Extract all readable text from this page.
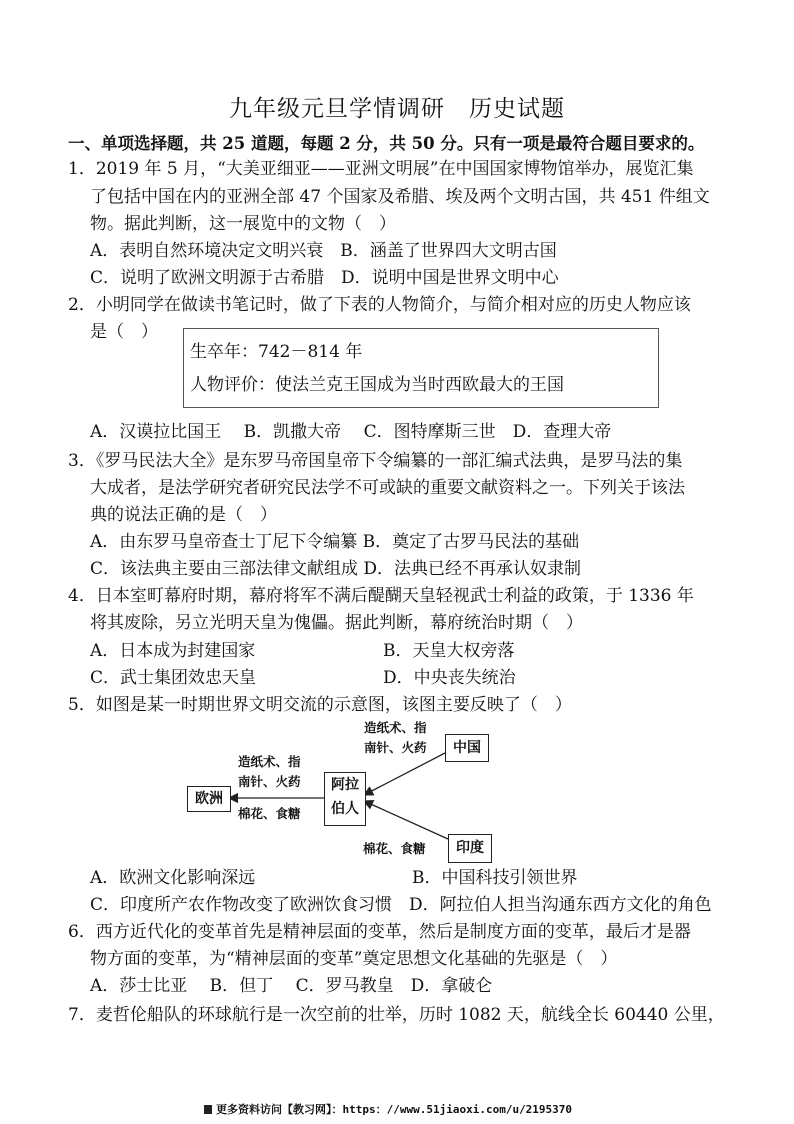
九年级元旦学情调研　历史试题
一、单项选择题，共 25 道题，每题 2 分，共 50 分。只有一项是最符合题目要求的。
1．2019 年 5 月，“大美亚细亚——亚洲文明展”在中国国家博物馆举办，展览汇集
了包括中国在内的亚洲全部 47 个国家及希腊、埃及两个文明古国，共 451 件组文
物。据此判断，这一展览中的文物（　）
A．表明自然环境决定文明兴衰　B．涵盖了世界四大文明古国
C．说明了欧洲文明源于古希腊　D．说明中国是世界文明中心
2．小明同学在做读书笔记时，做了下表的人物简介，与简介相对应的历史人物应该
是（　）
生卒年：742－814 年
人物评价：使法兰克王国成为当时西欧最大的王国
A．汉谟拉比国王　 B．凯撒大帝　 C．图特摩斯三世　D．查理大帝
3．《罗马民法大全》是东罗马帝国皇帝下令编纂的一部汇编式法典，是罗马法的集
大成者，是法学研究者研究民法学不可或缺的重要文献资料之一。下列关于该法
典的说法正确的是（　）
A．由东罗马皇帝查士丁尼下令编纂 B．奠定了古罗马民法的基础
C．该法典主要由三部法律文献组成 D．法典已经不再承认奴隶制
4．日本室町幕府时期，幕府将军不满后醍醐天皇轻视武士利益的政策，于 1336 年
将其废除，另立光明天皇为傀儡。据此判断，幕府统治时期（　）
A．日本成为封建国家	B．天皇大权旁落
C．武士集团效忠天皇	D．中央丧失统治
5．如图是某一时期世界文明交流的示意图，该图主要反映了（　）
欧洲
阿拉
伯人
中国
印度
造纸术、指
南针、火药
造纸术、指
南针、火药
棉花、食糖
棉花、食糖
A．欧洲文化影响深远	B．中国科技引领世界
C．印度所产农作物改变了欧洲饮食习惯　D．阿拉伯人担当沟通东西方文化的角色
6．西方近代化的变革首先是精神层面的变革，然后是制度方面的变革，最后才是器
物方面的变革，为“精神层面的变革”奠定思想文化基础的先驱是（　）
A．莎士比亚　 B．但丁　 C．罗马教皇　D．拿破仑
7．麦哲伦船队的环球航行是一次空前的壮举，历时 1082 天，航线全长 60440 公里，
更多资料访问【教习网】：https：//www.51jiaoxi.com/u/2195370
